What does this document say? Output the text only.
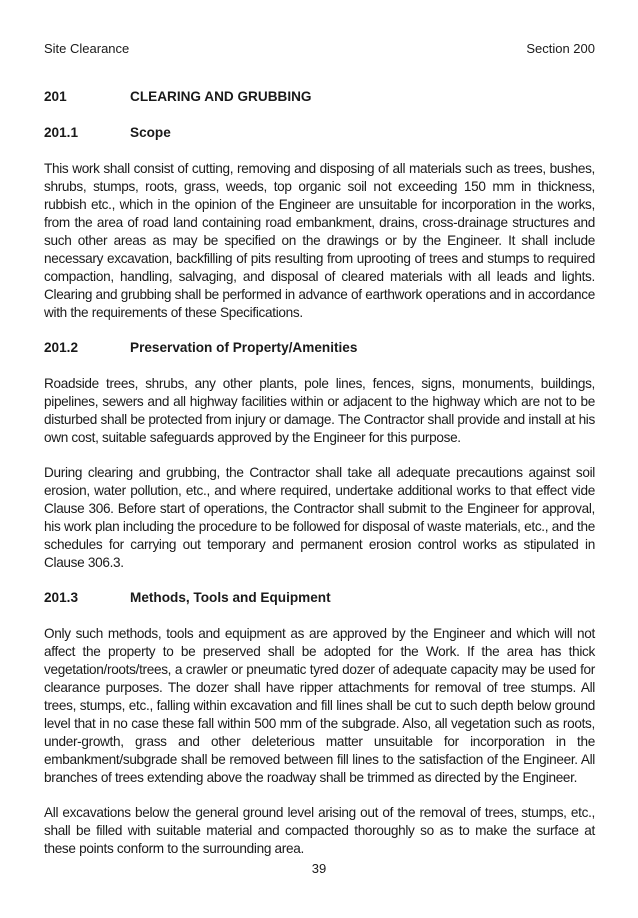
Site Clearance	Section 200
201	CLEARING AND GRUBBING
201.1	Scope

This work shall consist of cutting, removing and disposing of all materials such as trees, bushes, shrubs, stumps, roots, grass, weeds, top organic soil not exceeding 150 mm in thickness, rubbish etc., which in the opinion of the Engineer are unsuitable for incorporation in the works, from the area of road land containing road embankment, drains, cross-drainage structures and such other areas as may be specified on the drawings or by the Engineer. It shall include necessary excavation, backfilling of pits resulting from uprooting of trees and stumps to required compaction, handling, salvaging, and disposal of cleared materials with all leads and lights. Clearing and grubbing shall be performed in advance of earthwork operations and in accordance with the requirements of these Specifications.

201.2	Preservation of Property/Amenities

Roadside trees, shrubs, any other plants, pole lines, fences, signs, monuments, buildings, pipelines, sewers and all highway facilities within or adjacent to the highway which are not to be disturbed shall be protected from injury or damage. The Contractor shall provide and install at his own cost, suitable safeguards approved by the Engineer for this purpose.

During clearing and grubbing, the Contractor shall take all adequate precautions against soil erosion, water pollution, etc., and where required, undertake additional works to that effect vide Clause 306. Before start of operations, the Contractor shall submit to the Engineer for approval, his work plan including the procedure to be followed for disposal of waste materials, etc., and the schedules for carrying out temporary and permanent erosion control works as stipulated in Clause 306.3.

201.3	Methods, Tools and Equipment

Only such methods, tools and equipment as are approved by the Engineer and which will not affect the property to be preserved shall be adopted for the Work. If the area has thick vegetation/roots/trees, a crawler or pneumatic tyred dozer of adequate capacity may be used for clearance purposes. The dozer shall have ripper attachments for removal of tree stumps. All trees, stumps, etc., falling within excavation and fill lines shall be cut to such depth below ground level that in no case these fall within 500 mm of the subgrade. Also, all vegetation such as roots, under-growth, grass and other deleterious matter unsuitable for incorporation in the embankment/subgrade shall be removed between fill lines to the satisfaction of the Engineer. All branches of trees extending above the roadway shall be trimmed as directed by the Engineer.

All excavations below the general ground level arising out of the removal of trees, stumps, etc., shall be filled with suitable material and compacted thoroughly so as to make the surface at these points conform to the surrounding area.

39
